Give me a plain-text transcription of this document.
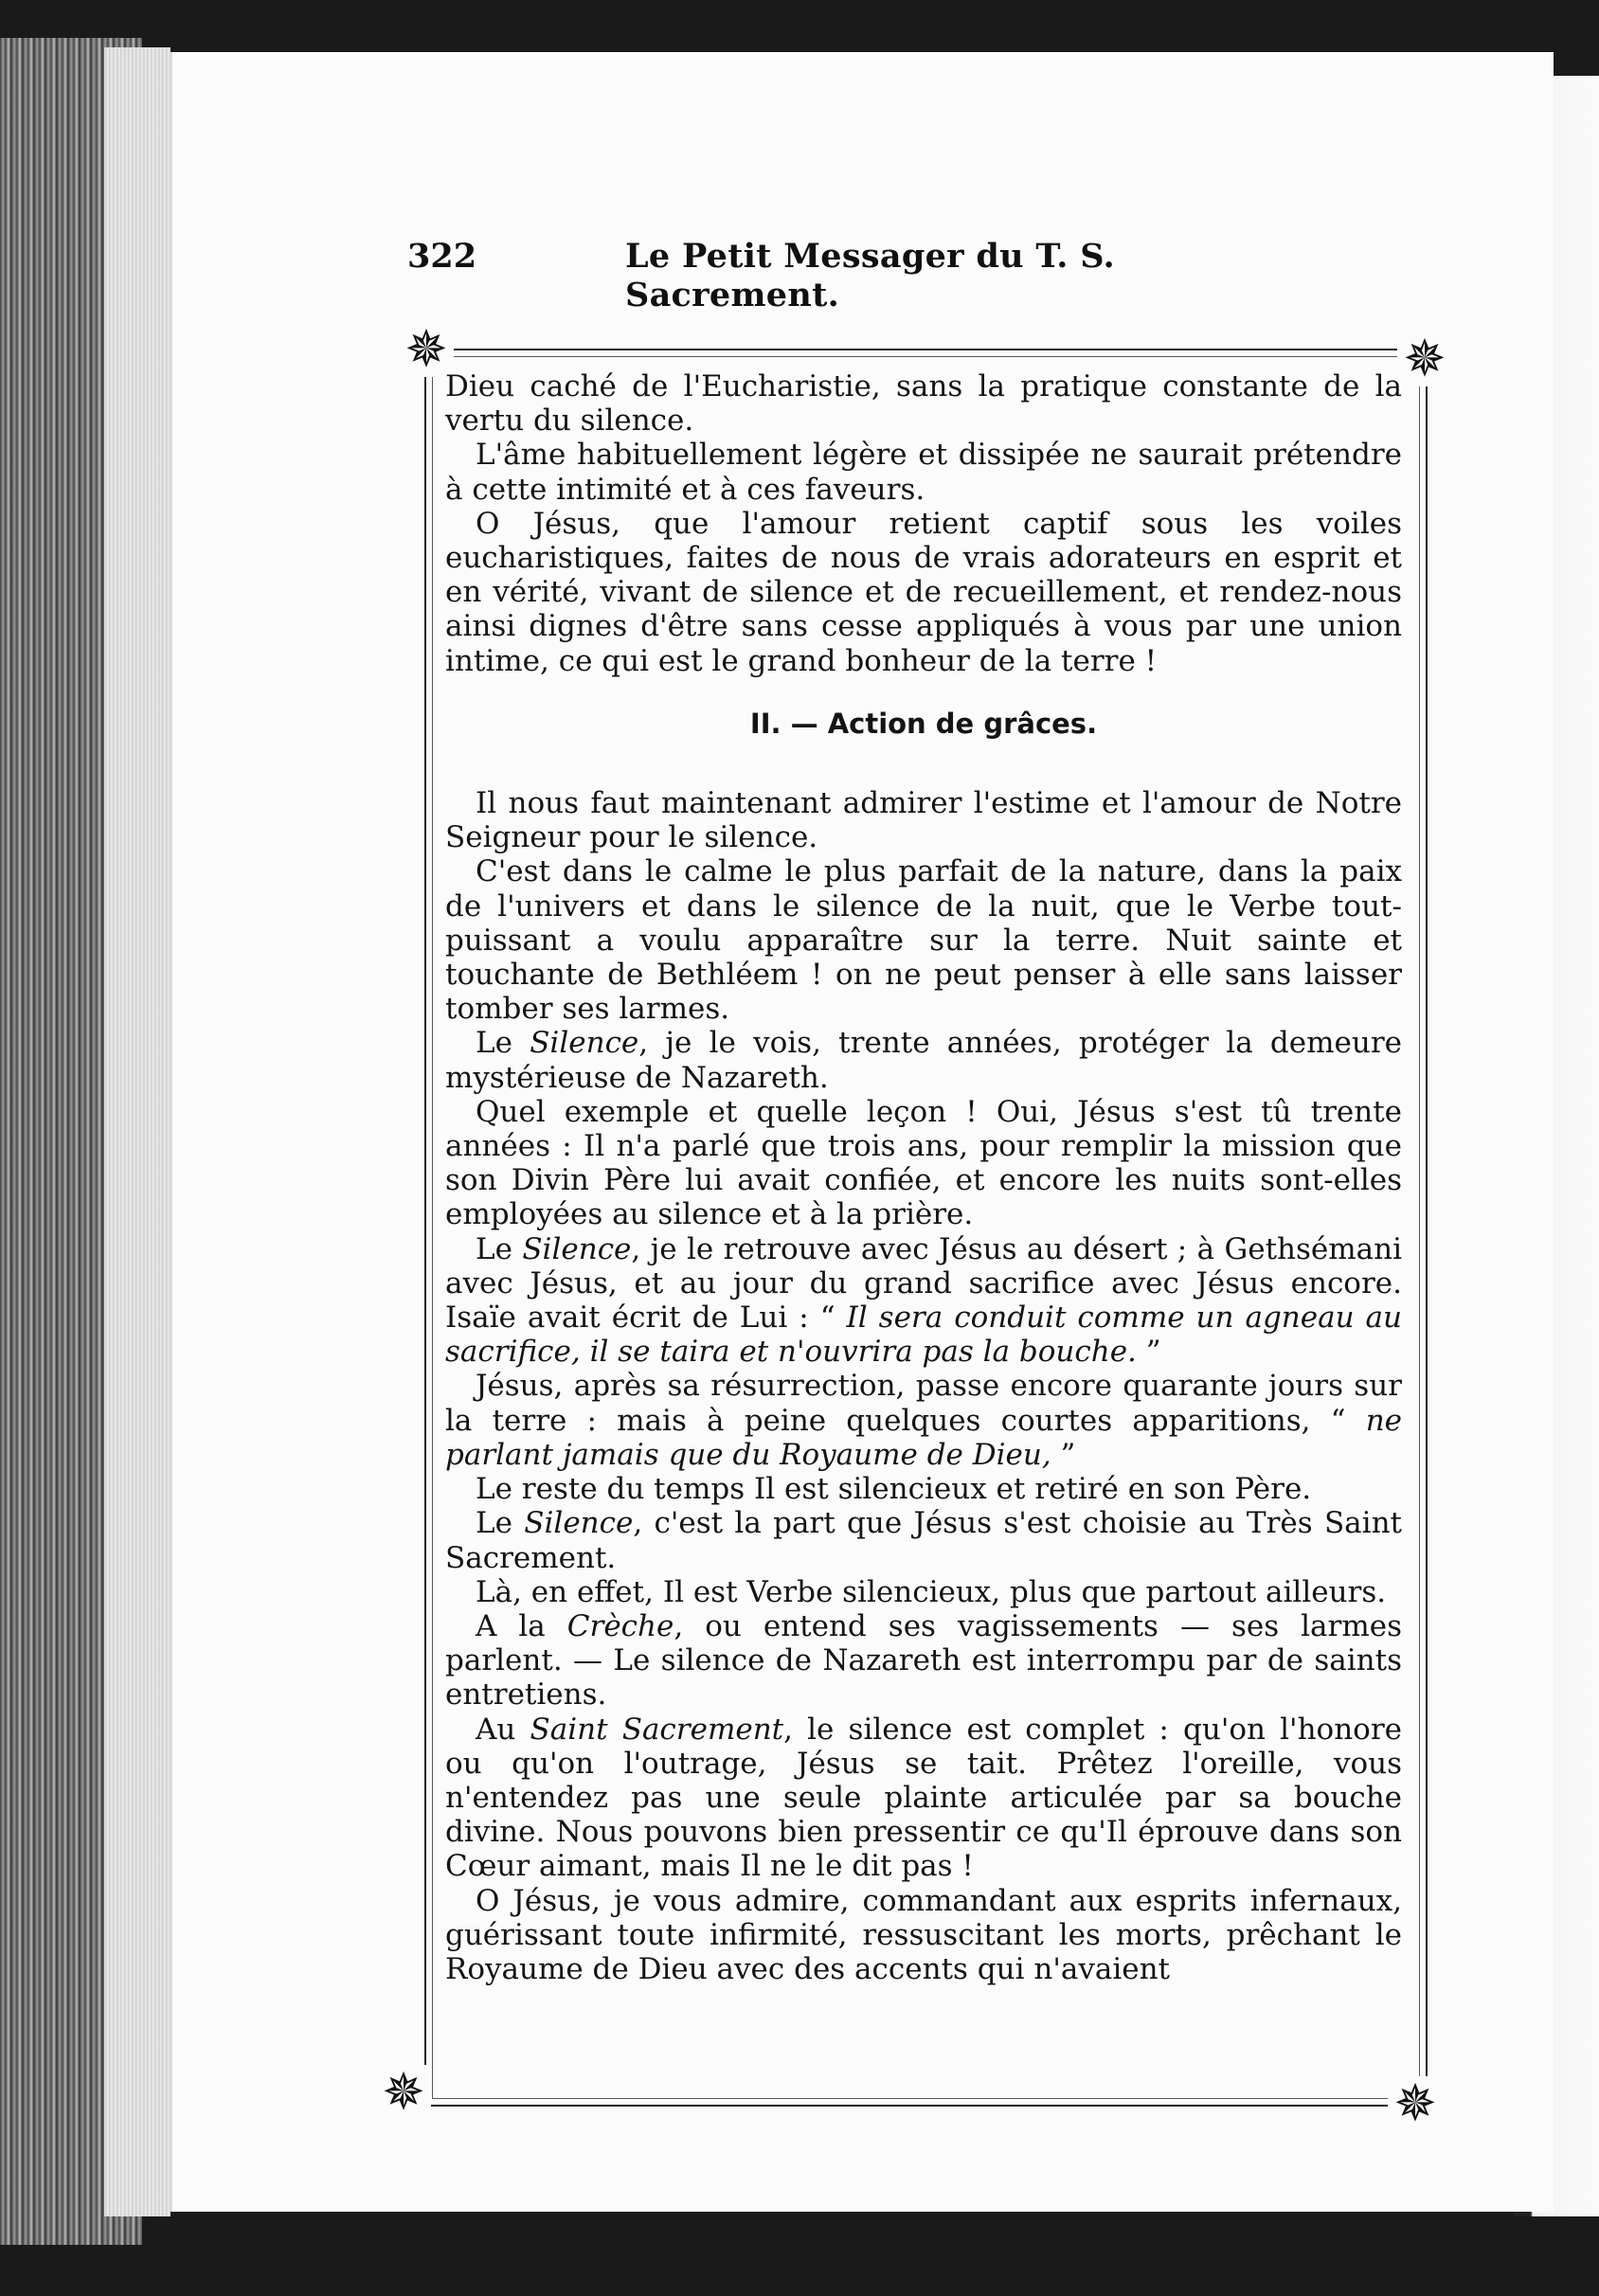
322	Le Petit Messager du T. S. Sacrement.
✵	✵
✵	✵

Dieu caché de l'Eucharistie, sans la pratique constante de la vertu du silence.

L'âme habituellement légère et dissipée ne saurait prétendre à cette intimité et à ces faveurs.

O Jésus, que l'amour retient captif sous les voiles eucharistiques, faites de nous de vrais adorateurs en esprit et en vérité, vivant de silence et de recueillement, et rendez-nous ainsi dignes d'être sans cesse appliqués à vous par une union intime, ce qui est le grand bonheur de la terre !

II. — Action de grâces.

Il nous faut maintenant admirer l'estime et l'amour de Notre Seigneur pour le silence.

C'est dans le calme le plus parfait de la nature, dans la paix de l'univers et dans le silence de la nuit, que le Verbe tout-puissant a voulu apparaître sur la terre. Nuit sainte et touchante de Bethléem ! on ne peut penser à elle sans laisser tomber ses larmes.

Le Silence, je le vois, trente années, protéger la demeure mystérieuse de Nazareth.

Quel exemple et quelle leçon ! Oui, Jésus s'est tû trente années : Il n'a parlé que trois ans, pour remplir la mission que son Divin Père lui avait confiée, et encore les nuits sont-elles employées au silence et à la prière.

Le Silence, je le retrouve avec Jésus au désert ; à Gethsémani avec Jésus, et au jour du grand sacrifice avec Jésus encore. Isaïe avait écrit de Lui : “ Il sera conduit comme un agneau au sacrifice, il se taira et n'ouvrira pas la bouche. ”

Jésus, après sa résurrection, passe encore quarante jours sur la terre : mais à peine quelques courtes apparitions, “ ne parlant jamais que du Royaume de Dieu, ”

Le reste du temps Il est silencieux et retiré en son Père.

Le Silence, c'est la part que Jésus s'est choisie au Très Saint Sacrement.

Là, en effet, Il est Verbe silencieux, plus que partout ailleurs.

A la Crèche, ou entend ses vagissements — ses larmes parlent. — Le silence de Nazareth est interrompu par de saints entretiens.

Au Saint Sacrement, le silence est complet : qu'on l'honore ou qu'on l'outrage, Jésus se tait. Prêtez l'oreille, vous n'entendez pas une seule plainte articulée par sa bouche divine. Nous pouvons bien pressentir ce qu'Il éprouve dans son Cœur aimant, mais Il ne le dit pas !

O Jésus, je vous admire, commandant aux esprits infernaux, guérissant toute infirmité, ressuscitant les morts, prêchant le Royaume de Dieu avec des accents qui n'avaient
